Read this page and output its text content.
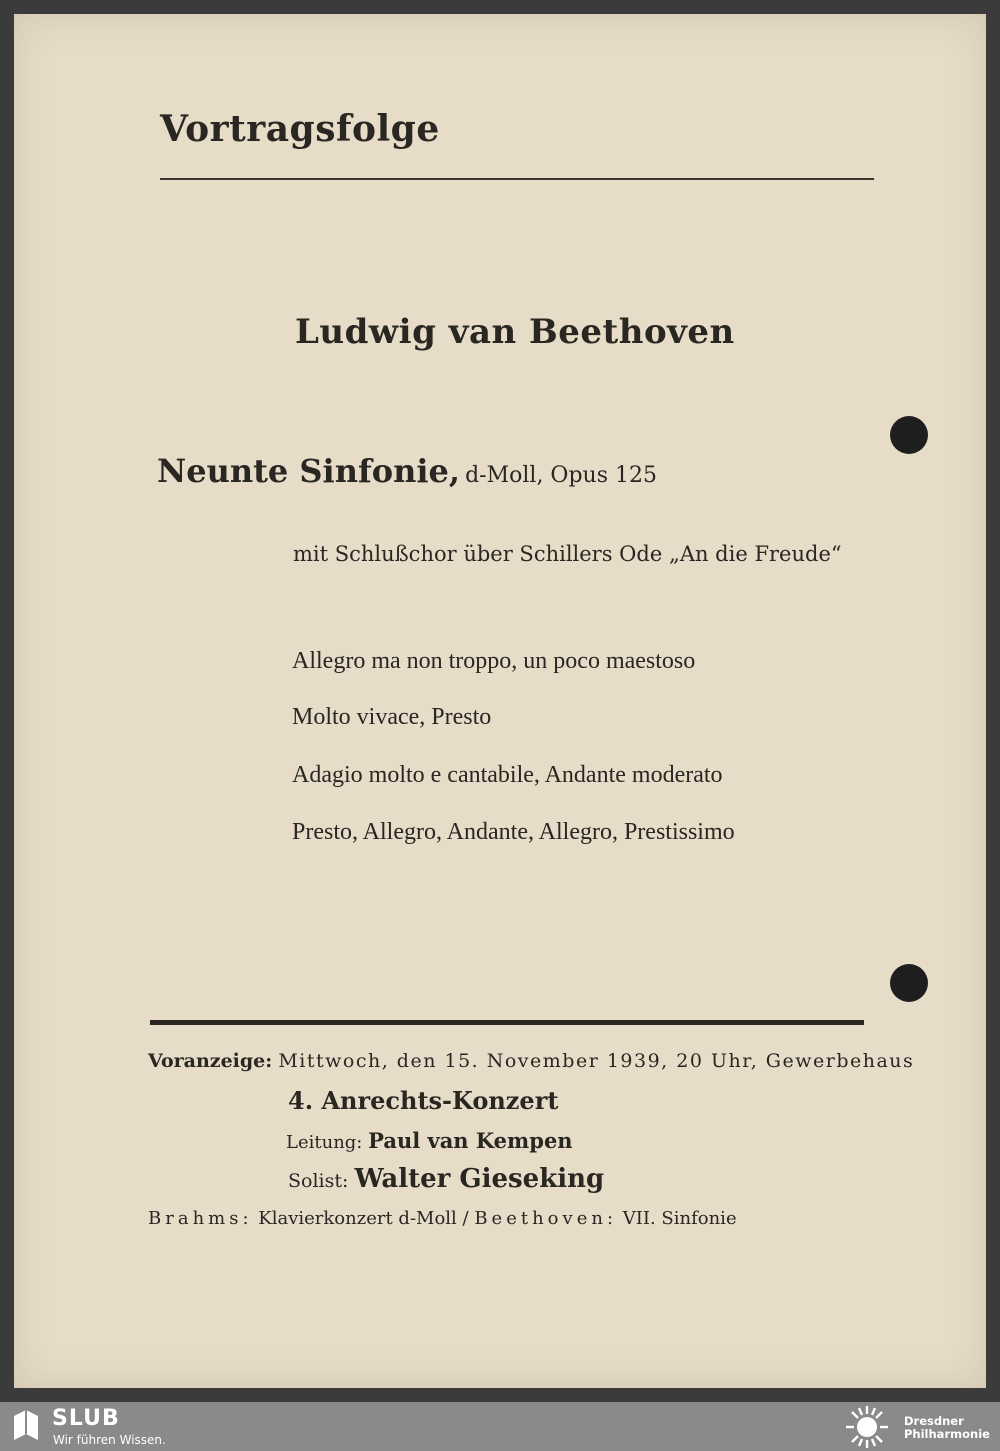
Vortragsfolge
Ludwig van Beethoven
Neunte Sinfonie, d-Moll, Opus 125
mit Schlußchor über Schillers Ode „An die Freude“
Allegro ma non troppo, un poco maestoso
Molto vivace, Presto
Adagio molto e cantabile, Andante moderato
Presto, Allegro, Andante, Allegro, Prestissimo
Voranzeige: Mittwoch, den 15. November 1939, 20 Uhr, Gewerbehaus
4. Anrechts-Konzert
Leitung: Paul van Kempen
Solist: Walter Gieseking
Brahms: Klavierkonzert d-Moll / Beethoven: VII. Sinfonie
SLUB
Wir führen Wissen.
Dresdner
Philharmonie
